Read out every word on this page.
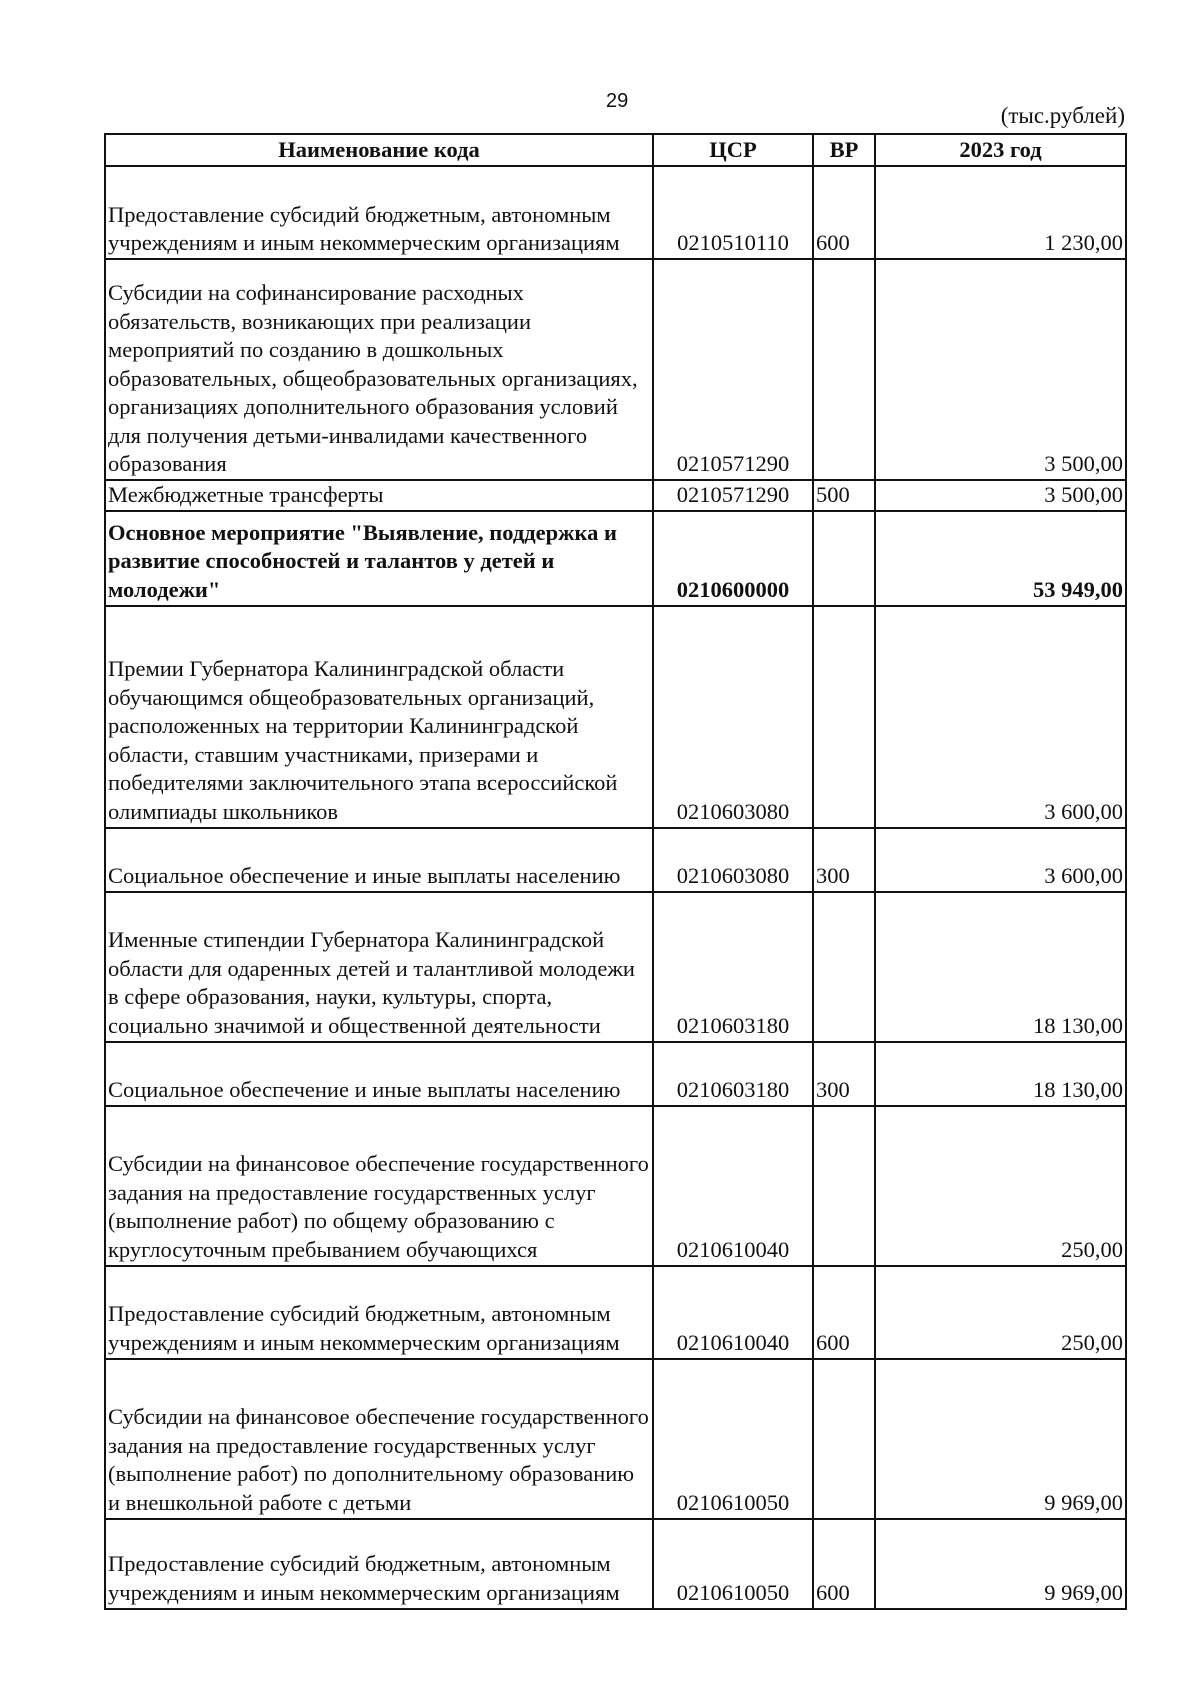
29
(тыс.рублей)
Наименование кода	ЦСР	ВР	2023 год
Предоставление субсидий бюджетным, автономным учреждениям и иным некоммерческим организациям	0210510110	600	1 230,00
Субсидии на софинансирование расходных обязательств, возникающих при реализации мероприятий по созданию в дошкольных образовательных, общеобразовательных организациях, организациях дополнительного образования условий для получения детьми-инвалидами качественного образования	0210571290		3 500,00
Межбюджетные трансферты	0210571290	500	3 500,00
Основное мероприятие "Выявление, поддержка и развитие способностей и талантов у детей и молодежи"	0210600000		53 949,00
Премии Губернатора Калининградской области обучающимся общеобразовательных организаций, расположенных на территории Калининградской области, ставшим участниками, призерами и победителями заключительного этапа всероссийской олимпиады школьников	0210603080		3 600,00
Социальное обеспечение и иные выплаты населению	0210603080	300	3 600,00
Именные стипендии Губернатора Калининградской области для одаренных детей и талантливой молодежи в сфере образования, науки, культуры, спорта, социально значимой и общественной деятельности	0210603180		18 130,00
Социальное обеспечение и иные выплаты населению	0210603180	300	18 130,00
Субсидии на финансовое обеспечение государственного задания на предоставление государственных услуг (выполнение работ) по общему образованию с круглосуточным пребыванием обучающихся	0210610040		250,00
Предоставление субсидий бюджетным, автономным учреждениям и иным некоммерческим организациям	0210610040	600	250,00
Субсидии на финансовое обеспечение государственного задания на предоставление государственных услуг (выполнение работ) по дополнительному образованию и внешкольной работе с детьми	0210610050		9 969,00
Предоставление субсидий бюджетным, автономным учреждениям и иным некоммерческим организациям	0210610050	600	9 969,00
